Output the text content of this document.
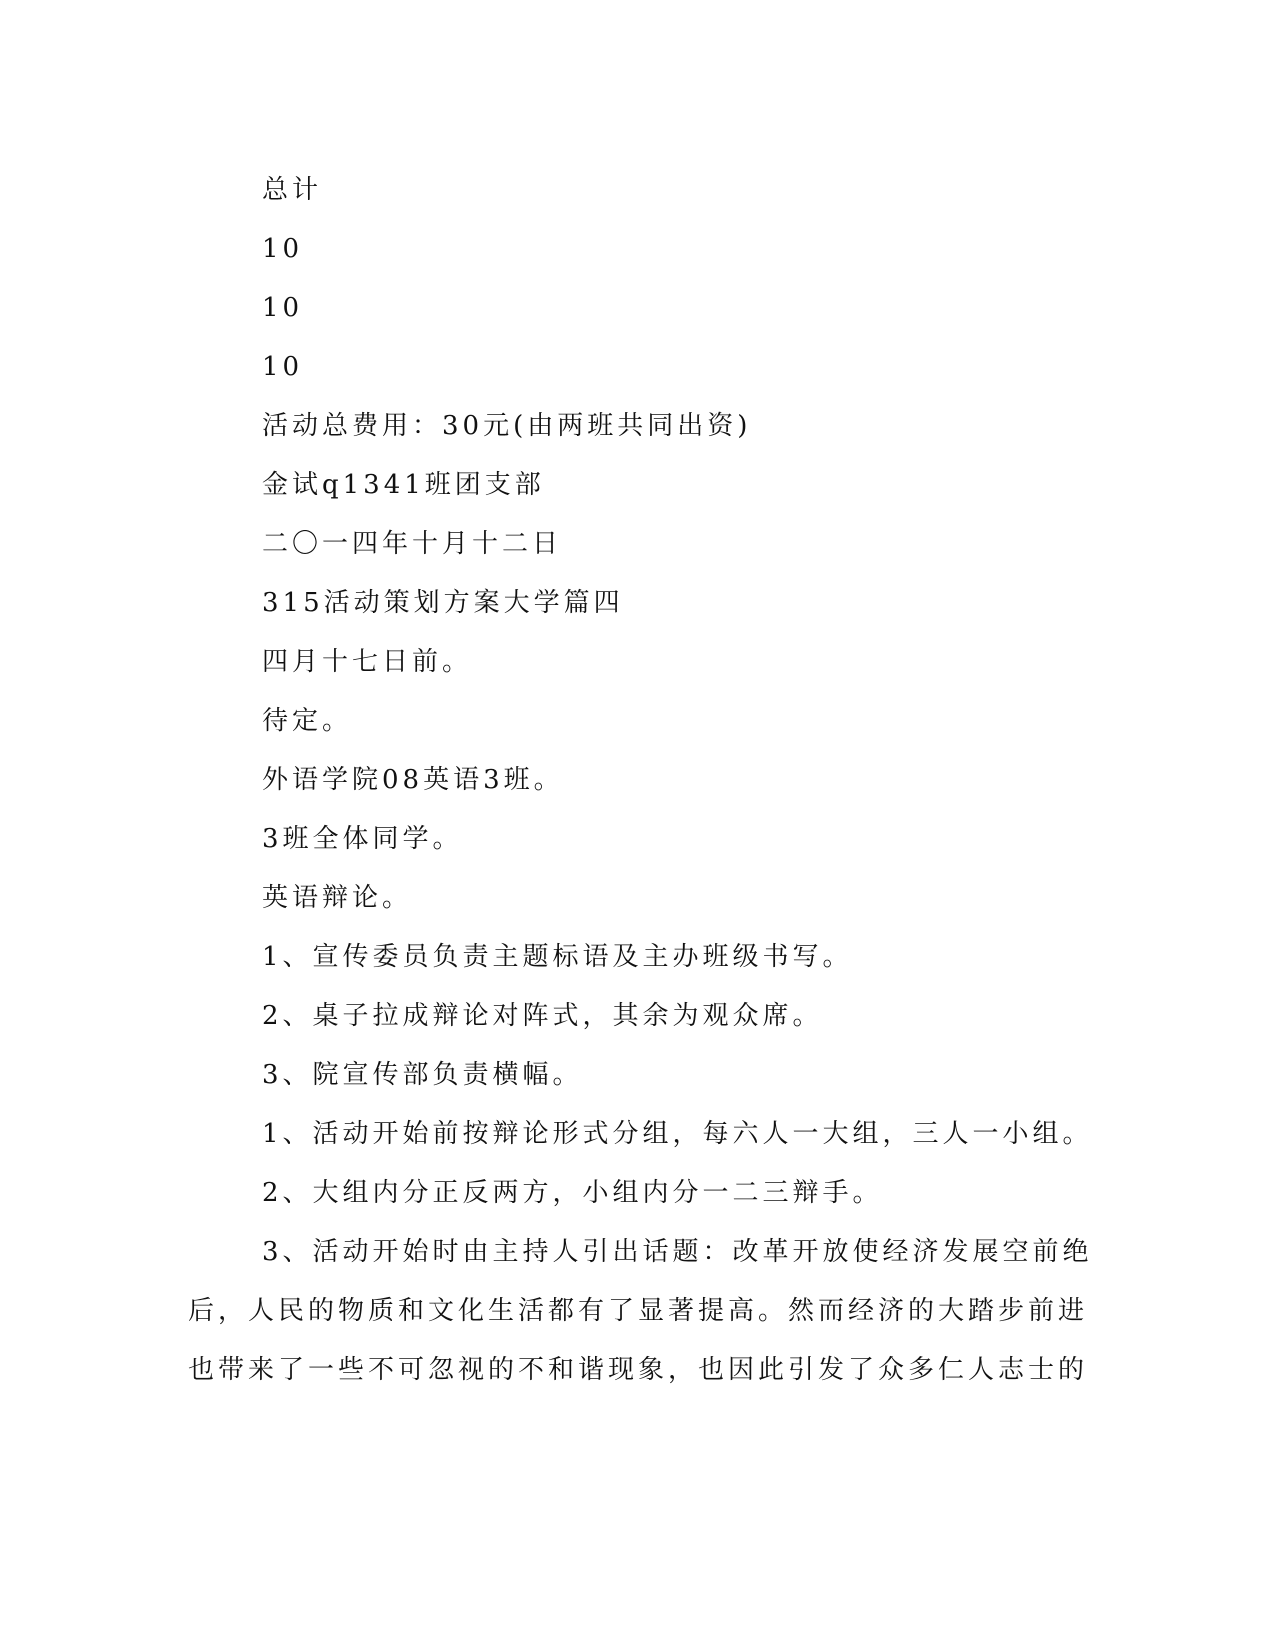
总计
10
10
10
活动总费用：30元(由两班共同出资)
金试q1341班团支部
二〇一四年十月十二日
315活动策划方案大学篇四
四月十七日前。
待定。
外语学院08英语3班。
3班全体同学。
英语辩论。
1、宣传委员负责主题标语及主办班级书写。
2、桌子拉成辩论对阵式，其余为观众席。
3、院宣传部负责横幅。
1、活动开始前按辩论形式分组，每六人一大组，三人一小组。
2、大组内分正反两方，小组内分一二三辩手。
3、活动开始时由主持人引出话题：改革开放使经济发展空前绝
后，人民的物质和文化生活都有了显著提高。然而经济的大踏步前进
也带来了一些不可忽视的不和谐现象，也因此引发了众多仁人志士的
